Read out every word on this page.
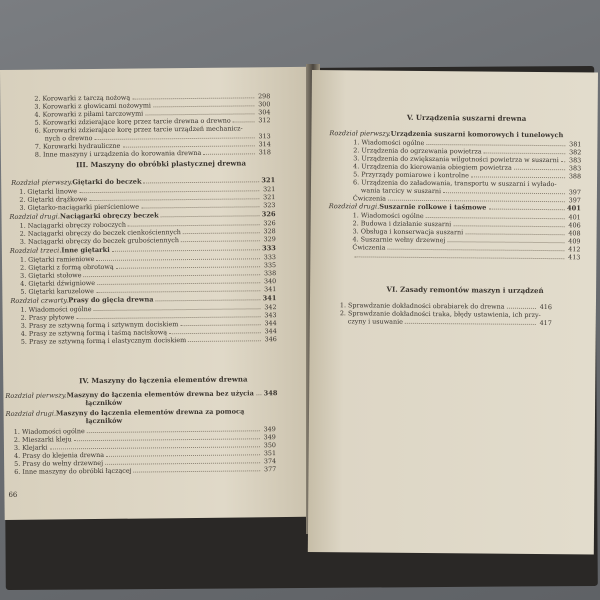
2. Korowarki z tarczą nożową	298
3. Korowarki z głowicami nożowymi	300
4. Korowarki z piłami tarczowymi	304
5. Korowarki zdzierające korę przez tarcie drewna o drewno	312
6. Korowarki zdzierające korę przez tarcie urządzeń mechanicz-
nych o drewno	313
7. Korowarki hydrauliczne	314
8. Inne maszyny i urządzenia do korowania drewna	318
III. Maszyny do obróbki plastycznej drewna
Rozdział pierwszy. Giętarki do beczek	321
1. Giętarki linowe	321
2. Giętarki drążkowe	321
3. Giętarko-naciągarki pierścieniowe	323
Rozdział drugi. Naciągarki obręczy beczek	326
1. Naciągarki obręczy roboczych	326
2. Naciągarki obręczy do beczek cienkościennych	328
3. Naciągarki obręczy do beczek grubościennych	329
Rozdział trzeci. Inne giętarki	333
1. Giętarki ramieniowe	333
2. Giętarki z formą obrotową	335
3. Giętarki stołowe	338
4. Giętarki dźwigniowe	340
5. Giętarki karuzelowe	341
Rozdział czwarty. Prasy do gięcia drewna	341
1. Wiadomości ogólne	342
2. Prasy płytowe	343
3. Prasy ze sztywną formą i sztywnym dociskiem	344
4. Prasy ze sztywną formą i taśmą naciskową	344
5. Prasy ze sztywną formą i elastycznym dociskiem	346
IV. Maszyny do łączenia elementów drewna
Rozdział pierwszy. Maszyny do łączenia elementów drewna bez użycia 348
łączników
Rozdział drugi. Maszyny do łączenia elementów drewna za pomocą
łączników
1. Wiadomości ogólne	349
2. Mieszarki kleju	349
3. Klejarki	350
4. Prasy do klejenia drewna	351
5. Prasy do wełny drzewnej	374
6. Inne maszyny do obróbki łączącej	377
66
V. Urządzenia suszarni drewna
Rozdział pierwszy. Urządzenia suszarni komorowych i tunelowych
1. Wiadomości ogólne	381
2. Urządzenia do ogrzewania powietrza	382
3. Urządzenia do zwiększania wilgotności powietrza w suszarni 383
4. Urządzenia do kierowania obiegiem powietrza	383
5. Przyrządy pomiarowe i kontrolne	388
6. Urządzenia do załadowania, transportu w suszarni i wyłado-
wania tarcicy w suszarni	397
Ćwiczenia	397
Rozdział drugi. Suszarnie rolkowe i taśmowe	401
1. Wiadomości ogólne	401
2. Budowa i działanie suszarni	406
3. Obsługa i konserwacja suszarni	408
4. Suszarnie wełny drzewnej	409
Ćwiczenia	412
413
VI. Zasady remontów maszyn i urządzeń
1. Sprawdzanie dokładności obrabiarek do drewna	416
2. Sprawdzanie dokładności traka, błędy ustawienia, ich przy-
czyny i usuwanie	417
